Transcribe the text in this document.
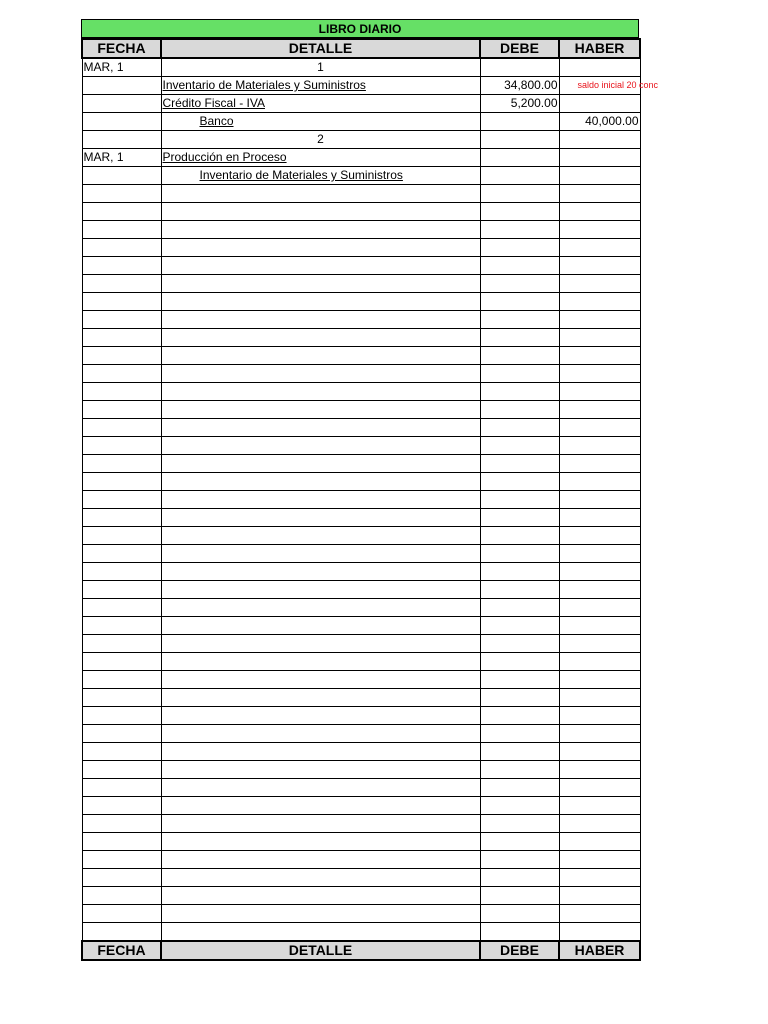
LIBRO DIARIO
FECHA	DETALLE	DEBE	HABER
MAR, 1	1		
	Inventario de Materiales y Suministros	34,800.00	saldo inicial 20 conc

	Crédito Fiscal - IVA	5,200.00	
	Banco		40,000.00
	2		
MAR, 1	Producción en Proceso		
	Inventario de Materiales y Suministros		

FECHA	DETALLE	DEBE	HABER
